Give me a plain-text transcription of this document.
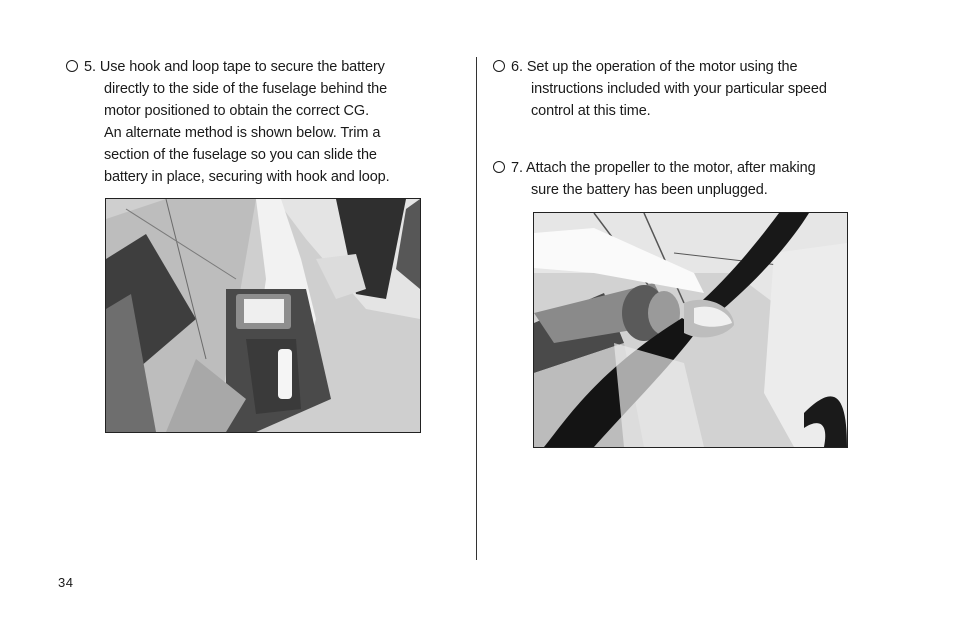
5. Use hook and loop tape to secure the battery
directly to the side of the fuselage behind the
motor positioned to obtain the correct CG.
An alternate method is shown below. Trim a
section of the fuselage so you can slide the
battery in place, securing with hook and loop.
6. Set up the operation of the motor using the
instructions included with your particular speed
control at this time.
7. Attach the propeller to the motor, after making
sure the battery has been unplugged.
34
